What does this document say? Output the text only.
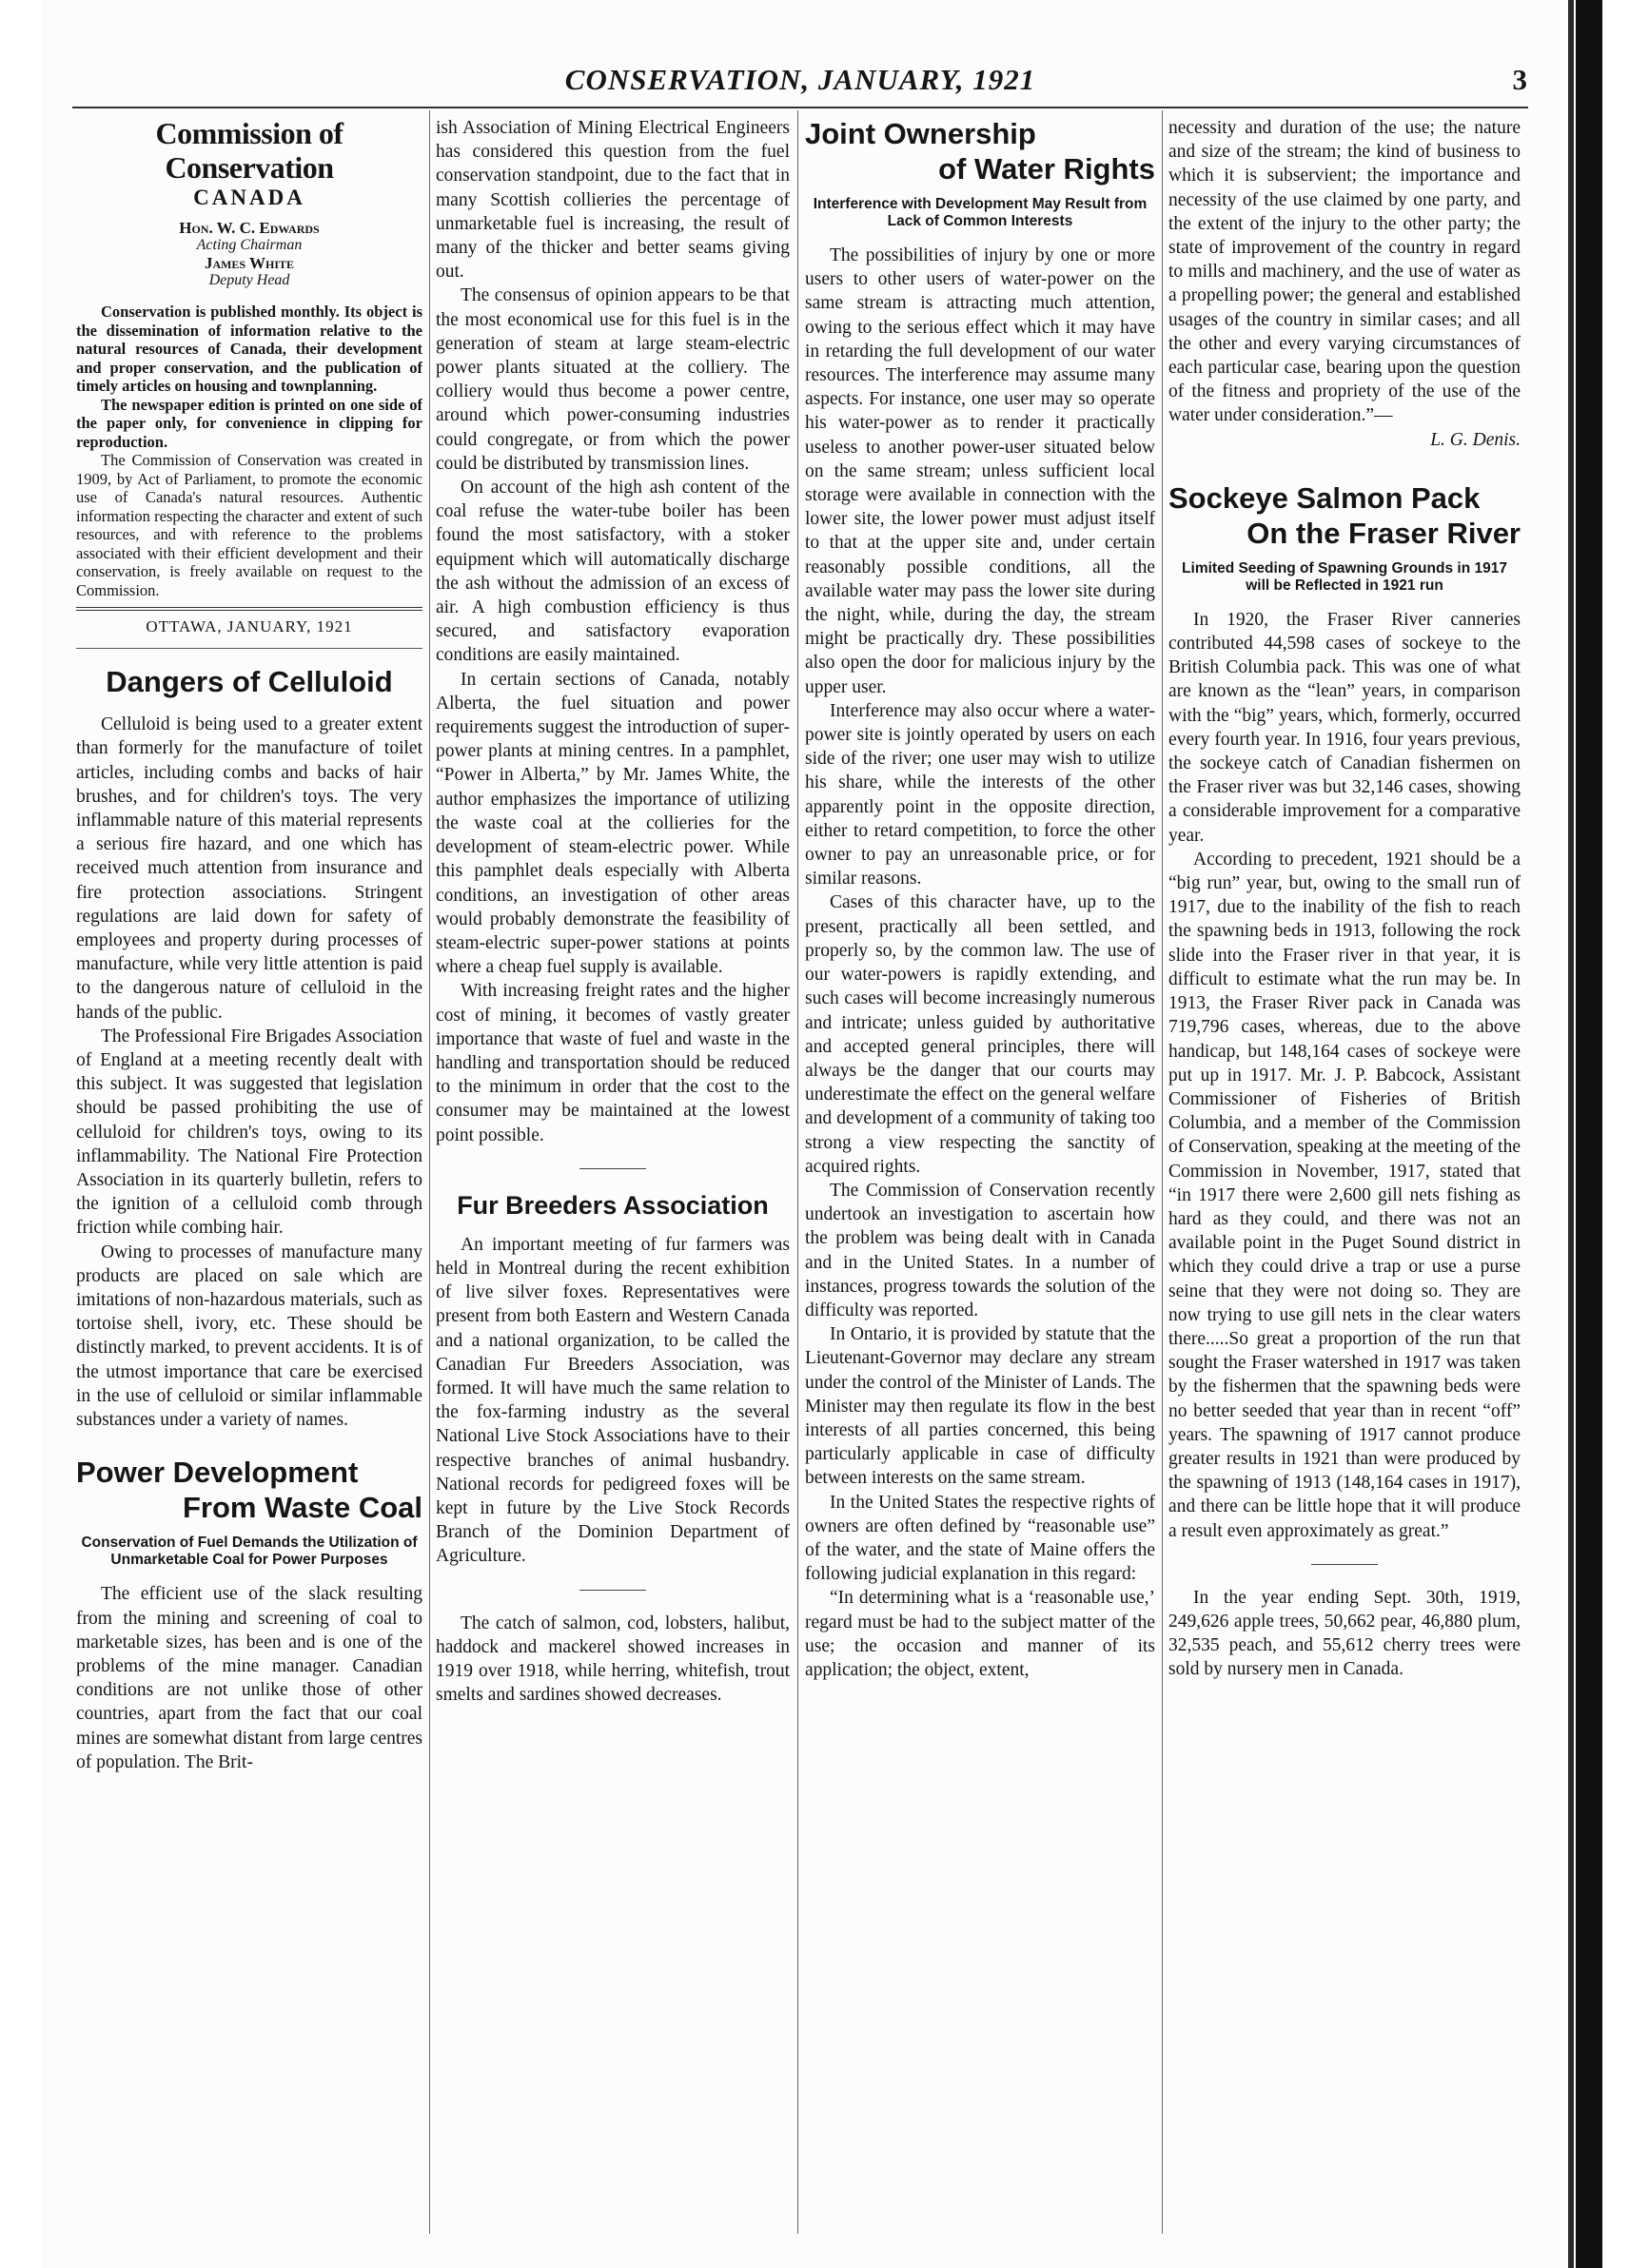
CONSERVATION, JANUARY, 1921	3
Commission of Conservation
CANADA
Hon. W. C. Edwards
Acting Chairman
James White
Deputy Head

Conservation is published monthly. Its object is the dissemination of information relative to the natural resources of Canada, their development and proper conservation, and the publication of timely articles on housing and townplanning.

The newspaper edition is printed on one side of the paper only, for convenience in clipping for reproduction.

The Commission of Conservation was created in 1909, by Act of Parliament, to promote the economic use of Canada's natural resources. Authentic information respecting the character and extent of such resources, and with reference to the problems associated with their efficient development and their conservation, is freely available on request to the Commission.

OTTAWA, JANUARY, 1921
Dangers of Celluloid

Celluloid is being used to a greater extent than formerly for the manufacture of toilet articles, including combs and backs of hair brushes, and for children's toys. The very inflammable nature of this material represents a serious fire hazard, and one which has received much attention from insurance and fire protection associations. Stringent regulations are laid down for safety of employees and property during processes of manufacture, while very little attention is paid to the dangerous nature of celluloid in the hands of the public.

The Professional Fire Brigades Association of England at a meeting recently dealt with this subject. It was suggested that legislation should be passed prohibiting the use of celluloid for children's toys, owing to its inflammability. The National Fire Protection Association in its quarterly bulletin, refers to the ignition of a celluloid comb through friction while combing hair.

Owing to processes of manufacture many products are placed on sale which are imitations of non-hazardous materials, such as tortoise shell, ivory, etc. These should be distinctly marked, to prevent accidents. It is of the utmost importance that care be exercised in the use of celluloid or similar inflammable substances under a variety of names.

Power Development
From Waste Coal
Conservation of Fuel Demands the Utilization of Unmarketable Coal for Power Purposes

The efficient use of the slack resulting from the mining and screening of coal to marketable sizes, has been and is one of the problems of the mine manager. Canadian conditions are not unlike those of other countries, apart from the fact that our coal mines are somewhat distant from large centres of population. The Brit-

ish Association of Mining Electrical Engineers has considered this question from the fuel conservation standpoint, due to the fact that in many Scottish collieries the percentage of unmarketable fuel is increasing, the result of many of the thicker and better seams giving out.

The consensus of opinion appears to be that the most economical use for this fuel is in the generation of steam at large steam-electric power plants situated at the colliery. The colliery would thus become a power centre, around which power-consuming industries could congregate, or from which the power could be distributed by transmission lines.

On account of the high ash content of the coal refuse the water-tube boiler has been found the most satisfactory, with a stoker equipment which will automatically discharge the ash without the admission of an excess of air. A high combustion efficiency is thus secured, and satisfactory evaporation conditions are easily maintained.

In certain sections of Canada, notably Alberta, the fuel situation and power requirements suggest the introduction of super-power plants at mining centres. In a pamphlet, “Power in Alberta,” by Mr. James White, the author emphasizes the importance of utilizing the waste coal at the collieries for the development of steam-electric power. While this pamphlet deals especially with Alberta conditions, an investigation of other areas would probably demonstrate the feasibility of steam-electric super-power stations at points where a cheap fuel supply is available.

With increasing freight rates and the higher cost of mining, it becomes of vastly greater importance that waste of fuel and waste in the handling and transportation should be reduced to the minimum in order that the cost to the consumer may be maintained at the lowest point possible.

Fur Breeders Association

An important meeting of fur farmers was held in Montreal during the recent exhibition of live silver foxes. Representatives were present from both Eastern and Western Canada and a national organization, to be called the Canadian Fur Breeders Association, was formed. It will have much the same relation to the fox-farming industry as the several National Live Stock Associations have to their respective branches of animal husbandry. National records for pedigreed foxes will be kept in future by the Live Stock Records Branch of the Dominion Department of Agriculture.

The catch of salmon, cod, lobsters, halibut, haddock and mackerel showed increases in 1919 over 1918, while herring, whitefish, trout smelts and sardines showed decreases.

Joint Ownership
of Water Rights
Interference with Development May Result from Lack of Common Interests

The possibilities of injury by one or more users to other users of water-power on the same stream is attracting much attention, owing to the serious effect which it may have in retarding the full development of our water resources. The interference may assume many aspects. For instance, one user may so operate his water-power as to render it practically useless to another power-user situated below on the same stream; unless sufficient local storage were available in connection with the lower site, the lower power must adjust itself to that at the upper site and, under certain reasonably possible conditions, all the available water may pass the lower site during the night, while, during the day, the stream might be practically dry. These possibilities also open the door for malicious injury by the upper user.

Interference may also occur where a water-power site is jointly operated by users on each side of the river; one user may wish to utilize his share, while the interests of the other apparently point in the opposite direction, either to retard competition, to force the other owner to pay an unreasonable price, or for similar reasons.

Cases of this character have, up to the present, practically all been settled, and properly so, by the common law. The use of our water-powers is rapidly extending, and such cases will become increasingly numerous and intricate; unless guided by authoritative and accepted general principles, there will always be the danger that our courts may underestimate the effect on the general welfare and development of a community of taking too strong a view respecting the sanctity of acquired rights.

The Commission of Conservation recently undertook an investigation to ascertain how the problem was being dealt with in Canada and in the United States. In a number of instances, progress towards the solution of the difficulty was reported.

In Ontario, it is provided by statute that the Lieutenant-Governor may declare any stream under the control of the Minister of Lands. The Minister may then regulate its flow in the best interests of all parties concerned, this being particularly applicable in case of difficulty between interests on the same stream.

In the United States the respective rights of owners are often defined by “reasonable use” of the water, and the state of Maine offers the following judicial explanation in this regard:

“In determining what is a ‘reasonable use,’ regard must be had to the subject matter of the use; the occasion and manner of its application; the object, extent,

necessity and duration of the use; the nature and size of the stream; the kind of business to which it is subservient; the importance and necessity of the use claimed by one party, and the extent of the injury to the other party; the state of improvement of the country in regard to mills and machinery, and the use of water as a propelling power; the general and established usages of the country in similar cases; and all the other and every varying circumstances of each particular case, bearing upon the question of the fitness and propriety of the use of the water under consideration.”—

L. G. Denis.
Sockeye Salmon Pack
On the Fraser River
Limited Seeding of Spawning Grounds in 1917 will be Reflected in 1921 run

In 1920, the Fraser River canneries contributed 44,598 cases of sockeye to the British Columbia pack. This was one of what are known as the “lean” years, in comparison with the “big” years, which, formerly, occurred every fourth year. In 1916, four years previous, the sockeye catch of Canadian fishermen on the Fraser river was but 32,146 cases, showing a considerable improvement for a comparative year.

According to precedent, 1921 should be a “big run” year, but, owing to the small run of 1917, due to the inability of the fish to reach the spawning beds in 1913, following the rock slide into the Fraser river in that year, it is difficult to estimate what the run may be. In 1913, the Fraser River pack in Canada was 719,796 cases, whereas, due to the above handicap, but 148,164 cases of sockeye were put up in 1917. Mr. J. P. Babcock, Assistant Commissioner of Fisheries of British Columbia, and a member of the Commission of Conservation, speaking at the meeting of the Commission in November, 1917, stated that “in 1917 there were 2,600 gill nets fishing as hard as they could, and there was not an available point in the Puget Sound district in which they could drive a trap or use a purse seine that they were not doing so. They are now trying to use gill nets in the clear waters there.....So great a proportion of the run that sought the Fraser watershed in 1917 was taken by the fishermen that the spawning beds were no better seeded that year than in recent “off” years. The spawning of 1917 cannot produce greater results in 1921 than were produced by the spawning of 1913 (148,164 cases in 1917), and there can be little hope that it will produce a result even approximately as great.”

In the year ending Sept. 30th, 1919, 249,626 apple trees, 50,662 pear, 46,880 plum, 32,535 peach, and 55,612 cherry trees were sold by nursery men in Canada.
